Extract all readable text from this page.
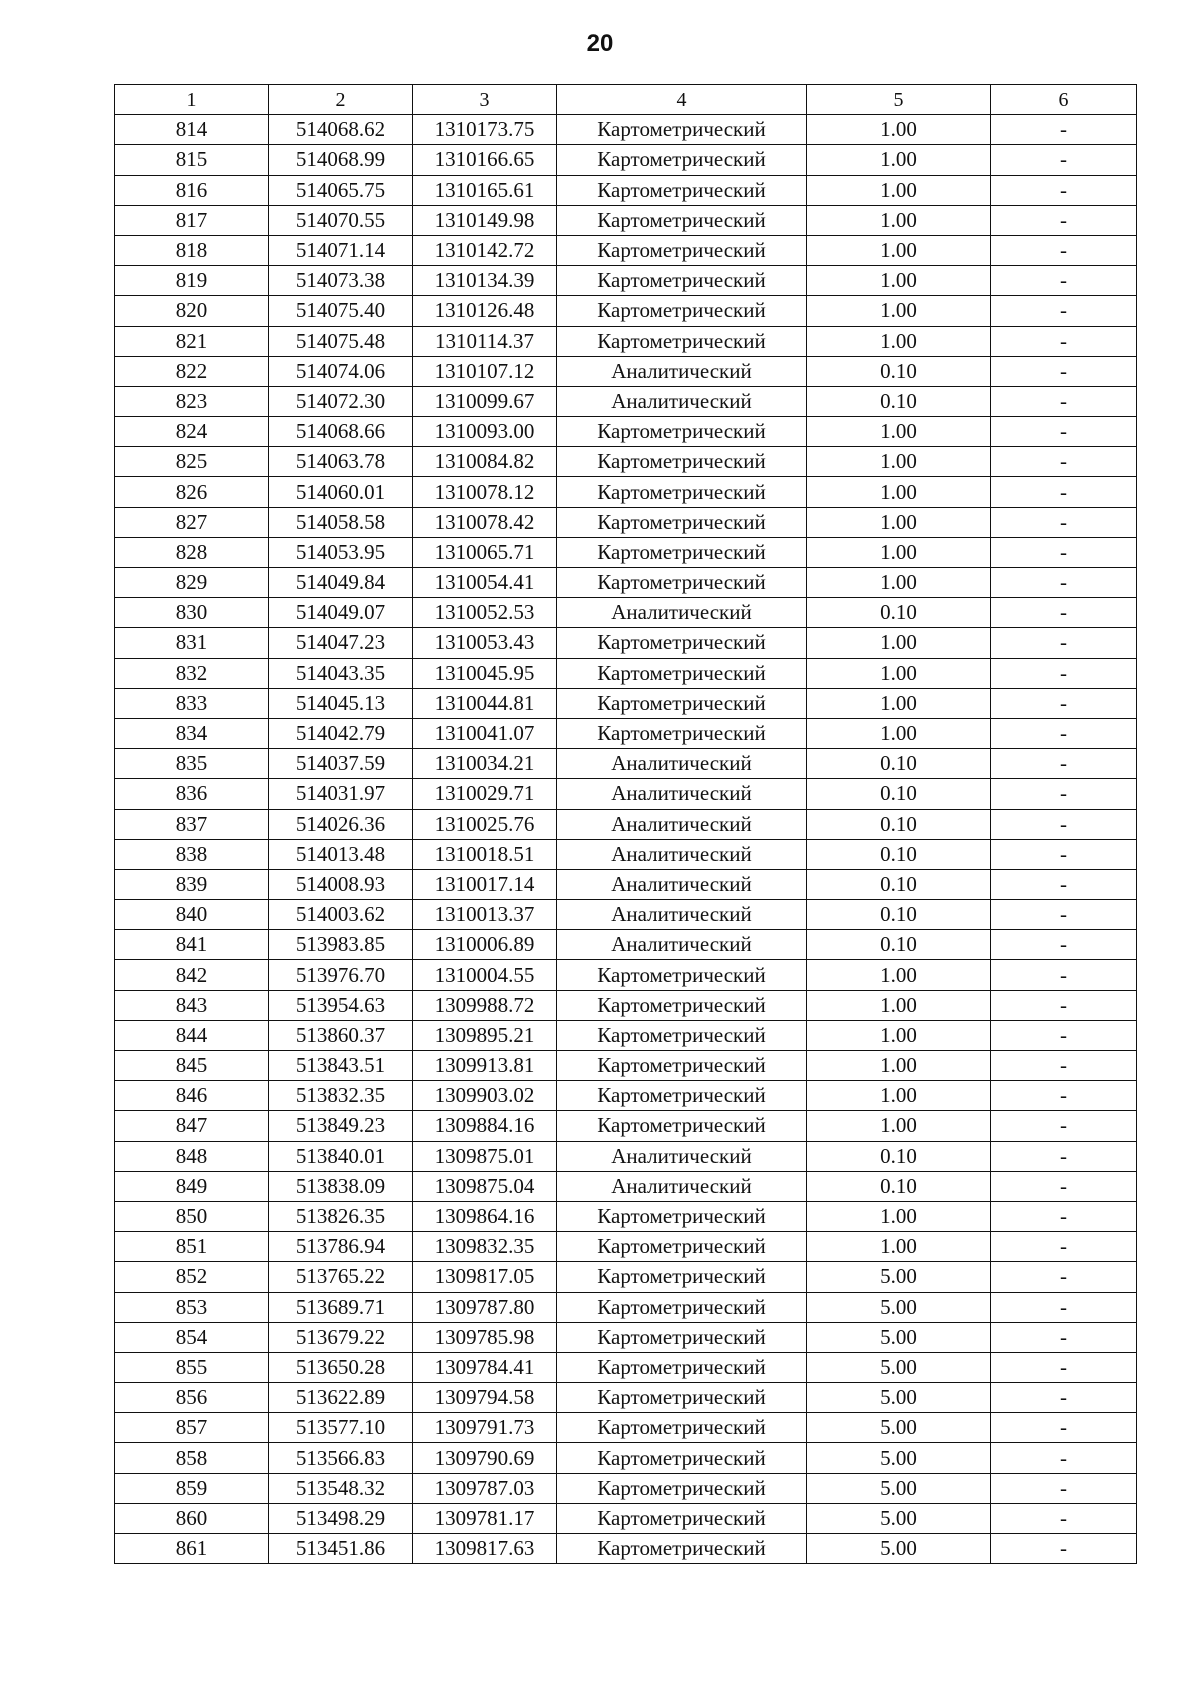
20
1	2	3	4	5	6
814	514068.62	1310173.75	Картометрический	1.00	-
815	514068.99	1310166.65	Картометрический	1.00	-
816	514065.75	1310165.61	Картометрический	1.00	-
817	514070.55	1310149.98	Картометрический	1.00	-
818	514071.14	1310142.72	Картометрический	1.00	-
819	514073.38	1310134.39	Картометрический	1.00	-
820	514075.40	1310126.48	Картометрический	1.00	-
821	514075.48	1310114.37	Картометрический	1.00	-
822	514074.06	1310107.12	Аналитический	0.10	-
823	514072.30	1310099.67	Аналитический	0.10	-
824	514068.66	1310093.00	Картометрический	1.00	-
825	514063.78	1310084.82	Картометрический	1.00	-
826	514060.01	1310078.12	Картометрический	1.00	-
827	514058.58	1310078.42	Картометрический	1.00	-
828	514053.95	1310065.71	Картометрический	1.00	-
829	514049.84	1310054.41	Картометрический	1.00	-
830	514049.07	1310052.53	Аналитический	0.10	-
831	514047.23	1310053.43	Картометрический	1.00	-
832	514043.35	1310045.95	Картометрический	1.00	-
833	514045.13	1310044.81	Картометрический	1.00	-
834	514042.79	1310041.07	Картометрический	1.00	-
835	514037.59	1310034.21	Аналитический	0.10	-
836	514031.97	1310029.71	Аналитический	0.10	-
837	514026.36	1310025.76	Аналитический	0.10	-
838	514013.48	1310018.51	Аналитический	0.10	-
839	514008.93	1310017.14	Аналитический	0.10	-
840	514003.62	1310013.37	Аналитический	0.10	-
841	513983.85	1310006.89	Аналитический	0.10	-
842	513976.70	1310004.55	Картометрический	1.00	-
843	513954.63	1309988.72	Картометрический	1.00	-
844	513860.37	1309895.21	Картометрический	1.00	-
845	513843.51	1309913.81	Картометрический	1.00	-
846	513832.35	1309903.02	Картометрический	1.00	-
847	513849.23	1309884.16	Картометрический	1.00	-
848	513840.01	1309875.01	Аналитический	0.10	-
849	513838.09	1309875.04	Аналитический	0.10	-
850	513826.35	1309864.16	Картометрический	1.00	-
851	513786.94	1309832.35	Картометрический	1.00	-
852	513765.22	1309817.05	Картометрический	5.00	-
853	513689.71	1309787.80	Картометрический	5.00	-
854	513679.22	1309785.98	Картометрический	5.00	-
855	513650.28	1309784.41	Картометрический	5.00	-
856	513622.89	1309794.58	Картометрический	5.00	-
857	513577.10	1309791.73	Картометрический	5.00	-
858	513566.83	1309790.69	Картометрический	5.00	-
859	513548.32	1309787.03	Картометрический	5.00	-
860	513498.29	1309781.17	Картометрический	5.00	-
861	513451.86	1309817.63	Картометрический	5.00	-
